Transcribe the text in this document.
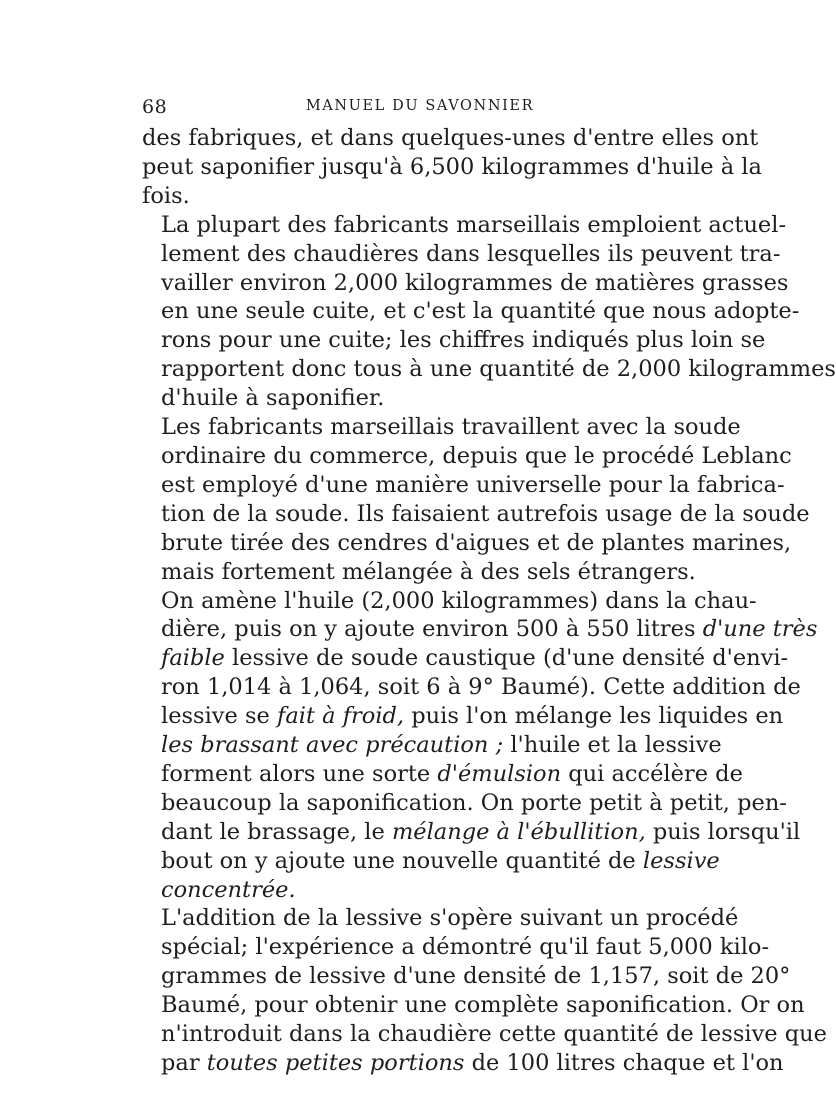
68	MANUEL DU SAVONNIER

des fabriques, et dans quelques-unes d'entre elles ont
peut saponifier jusqu'à 6,500 kilogrammes d'huile à la
fois.

La plupart des fabricants marseillais emploient actuel-
lement des chaudières dans lesquelles ils peuvent tra-
vailler environ 2,000 kilogrammes de matières grasses
en une seule cuite, et c'est la quantité que nous adopte-
rons pour une cuite; les chiffres indiqués plus loin se
rapportent donc tous à une quantité de 2,000 kilogrammes
d'huile à saponifier.

Les fabricants marseillais travaillent avec la soude
ordinaire du commerce, depuis que le procédé Leblanc
est employé d'une manière universelle pour la fabrica-
tion de la soude. Ils faisaient autrefois usage de la soude
brute tirée des cendres d'aigues et de plantes marines,
mais fortement mélangée à des sels étrangers.

On amène l'huile (2,000 kilogrammes) dans la chau-
dière, puis on y ajoute environ 500 à 550 litres d'une très
faible lessive de soude caustique (d'une densité d'envi-
ron 1,014 à 1,064, soit 6 à 9° Baumé). Cette addition de
lessive se fait à froid, puis l'on mélange les liquides en
les brassant avec précaution ; l'huile et la lessive
forment alors une sorte d'émulsion qui accélère de
beaucoup la saponification. On porte petit à petit, pen-
dant le brassage, le mélange à l'ébullition, puis lorsqu'il
bout on y ajoute une nouvelle quantité de lessive
concentrée.

L'addition de la lessive s'opère suivant un procédé
spécial; l'expérience a démontré qu'il faut 5,000 kilo-
grammes de lessive d'une densité de 1,157, soit de 20°
Baumé, pour obtenir une complète saponification. Or on
n'introduit dans la chaudière cette quantité de lessive que
par toutes petites portions de 100 litres chaque et l'on
